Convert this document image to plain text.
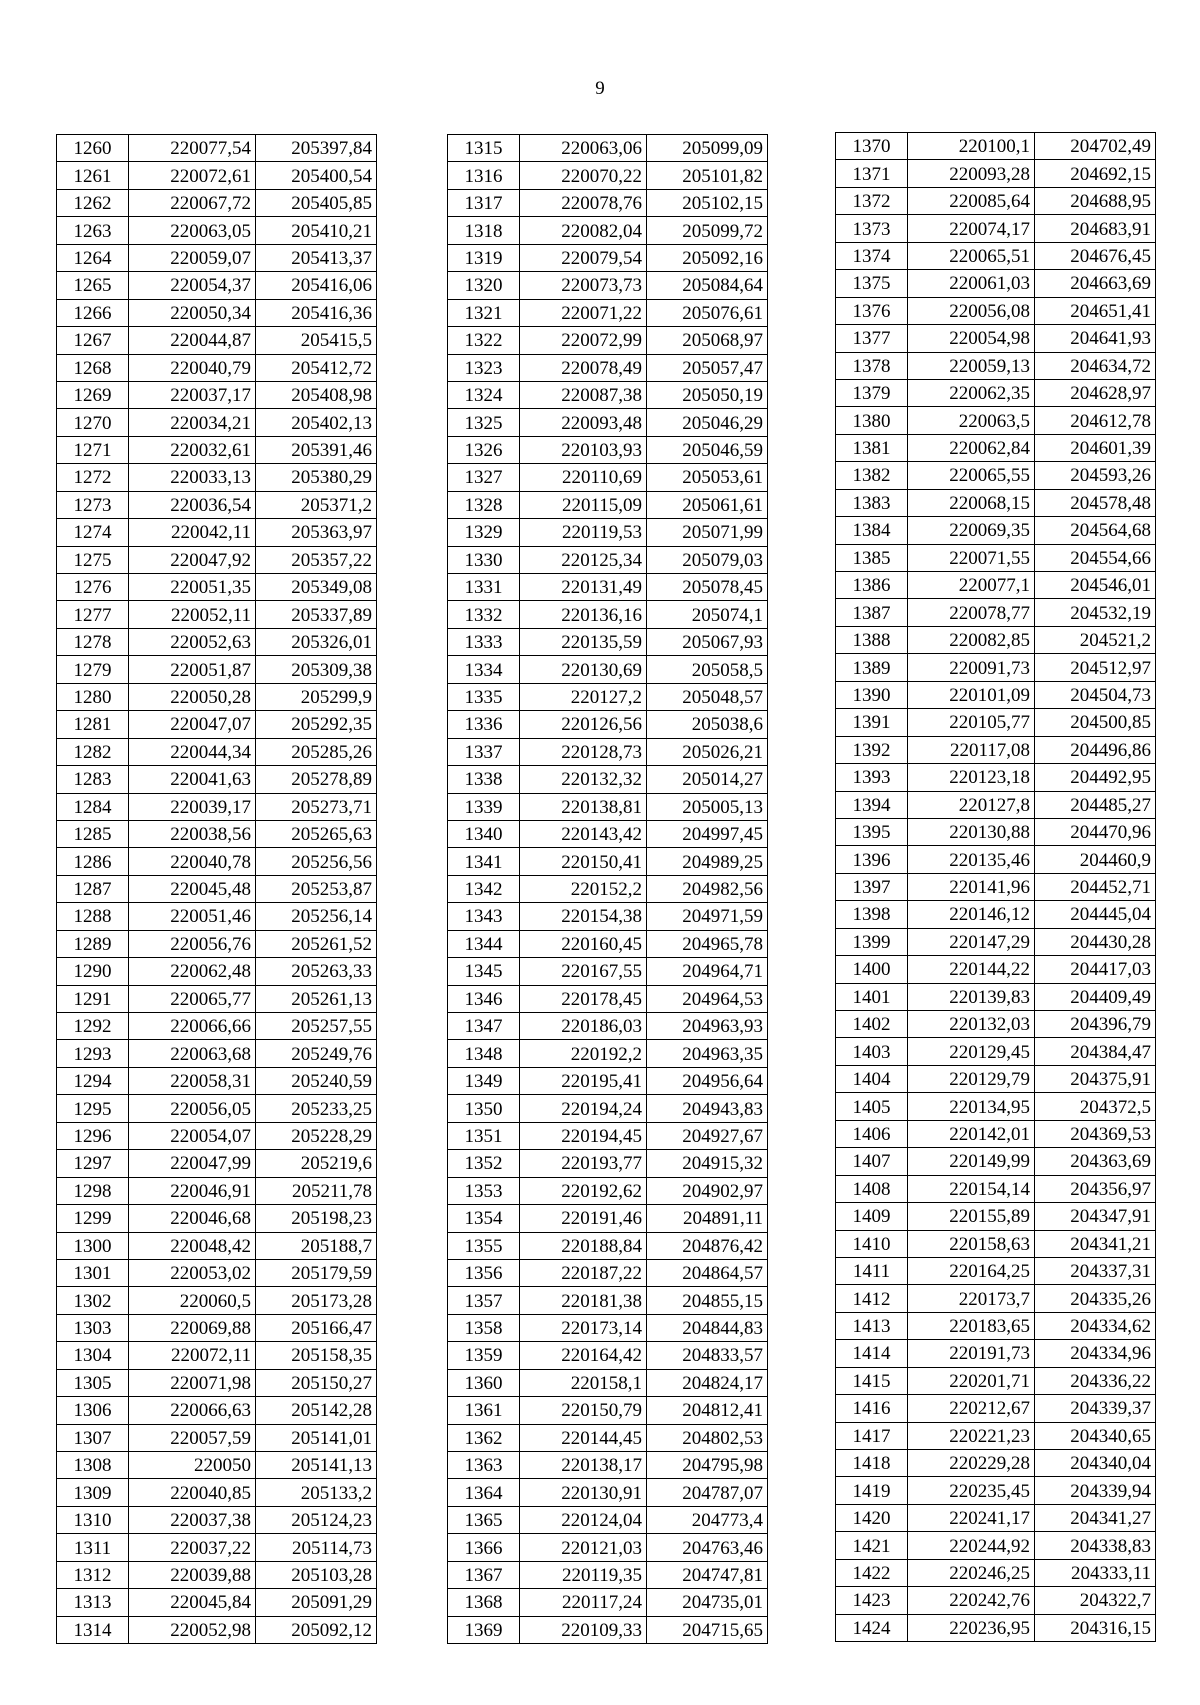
9
1260	220077,54	205397,84
1261	220072,61	205400,54
1262	220067,72	205405,85
1263	220063,05	205410,21
1264	220059,07	205413,37
1265	220054,37	205416,06
1266	220050,34	205416,36
1267	220044,87	205415,5
1268	220040,79	205412,72
1269	220037,17	205408,98
1270	220034,21	205402,13
1271	220032,61	205391,46
1272	220033,13	205380,29
1273	220036,54	205371,2
1274	220042,11	205363,97
1275	220047,92	205357,22
1276	220051,35	205349,08
1277	220052,11	205337,89
1278	220052,63	205326,01
1279	220051,87	205309,38
1280	220050,28	205299,9
1281	220047,07	205292,35
1282	220044,34	205285,26
1283	220041,63	205278,89
1284	220039,17	205273,71
1285	220038,56	205265,63
1286	220040,78	205256,56
1287	220045,48	205253,87
1288	220051,46	205256,14
1289	220056,76	205261,52
1290	220062,48	205263,33
1291	220065,77	205261,13
1292	220066,66	205257,55
1293	220063,68	205249,76
1294	220058,31	205240,59
1295	220056,05	205233,25
1296	220054,07	205228,29
1297	220047,99	205219,6
1298	220046,91	205211,78
1299	220046,68	205198,23
1300	220048,42	205188,7
1301	220053,02	205179,59
1302	220060,5	205173,28
1303	220069,88	205166,47
1304	220072,11	205158,35
1305	220071,98	205150,27
1306	220066,63	205142,28
1307	220057,59	205141,01
1308	220050	205141,13
1309	220040,85	205133,2
1310	220037,38	205124,23
1311	220037,22	205114,73
1312	220039,88	205103,28
1313	220045,84	205091,29
1314	220052,98	205092,12
1315	220063,06	205099,09
1316	220070,22	205101,82
1317	220078,76	205102,15
1318	220082,04	205099,72
1319	220079,54	205092,16
1320	220073,73	205084,64
1321	220071,22	205076,61
1322	220072,99	205068,97
1323	220078,49	205057,47
1324	220087,38	205050,19
1325	220093,48	205046,29
1326	220103,93	205046,59
1327	220110,69	205053,61
1328	220115,09	205061,61
1329	220119,53	205071,99
1330	220125,34	205079,03
1331	220131,49	205078,45
1332	220136,16	205074,1
1333	220135,59	205067,93
1334	220130,69	205058,5
1335	220127,2	205048,57
1336	220126,56	205038,6
1337	220128,73	205026,21
1338	220132,32	205014,27
1339	220138,81	205005,13
1340	220143,42	204997,45
1341	220150,41	204989,25
1342	220152,2	204982,56
1343	220154,38	204971,59
1344	220160,45	204965,78
1345	220167,55	204964,71
1346	220178,45	204964,53
1347	220186,03	204963,93
1348	220192,2	204963,35
1349	220195,41	204956,64
1350	220194,24	204943,83
1351	220194,45	204927,67
1352	220193,77	204915,32
1353	220192,62	204902,97
1354	220191,46	204891,11
1355	220188,84	204876,42
1356	220187,22	204864,57
1357	220181,38	204855,15
1358	220173,14	204844,83
1359	220164,42	204833,57
1360	220158,1	204824,17
1361	220150,79	204812,41
1362	220144,45	204802,53
1363	220138,17	204795,98
1364	220130,91	204787,07
1365	220124,04	204773,4
1366	220121,03	204763,46
1367	220119,35	204747,81
1368	220117,24	204735,01
1369	220109,33	204715,65
1370	220100,1	204702,49
1371	220093,28	204692,15
1372	220085,64	204688,95
1373	220074,17	204683,91
1374	220065,51	204676,45
1375	220061,03	204663,69
1376	220056,08	204651,41
1377	220054,98	204641,93
1378	220059,13	204634,72
1379	220062,35	204628,97
1380	220063,5	204612,78
1381	220062,84	204601,39
1382	220065,55	204593,26
1383	220068,15	204578,48
1384	220069,35	204564,68
1385	220071,55	204554,66
1386	220077,1	204546,01
1387	220078,77	204532,19
1388	220082,85	204521,2
1389	220091,73	204512,97
1390	220101,09	204504,73
1391	220105,77	204500,85
1392	220117,08	204496,86
1393	220123,18	204492,95
1394	220127,8	204485,27
1395	220130,88	204470,96
1396	220135,46	204460,9
1397	220141,96	204452,71
1398	220146,12	204445,04
1399	220147,29	204430,28
1400	220144,22	204417,03
1401	220139,83	204409,49
1402	220132,03	204396,79
1403	220129,45	204384,47
1404	220129,79	204375,91
1405	220134,95	204372,5
1406	220142,01	204369,53
1407	220149,99	204363,69
1408	220154,14	204356,97
1409	220155,89	204347,91
1410	220158,63	204341,21
1411	220164,25	204337,31
1412	220173,7	204335,26
1413	220183,65	204334,62
1414	220191,73	204334,96
1415	220201,71	204336,22
1416	220212,67	204339,37
1417	220221,23	204340,65
1418	220229,28	204340,04
1419	220235,45	204339,94
1420	220241,17	204341,27
1421	220244,92	204338,83
1422	220246,25	204333,11
1423	220242,76	204322,7
1424	220236,95	204316,15
